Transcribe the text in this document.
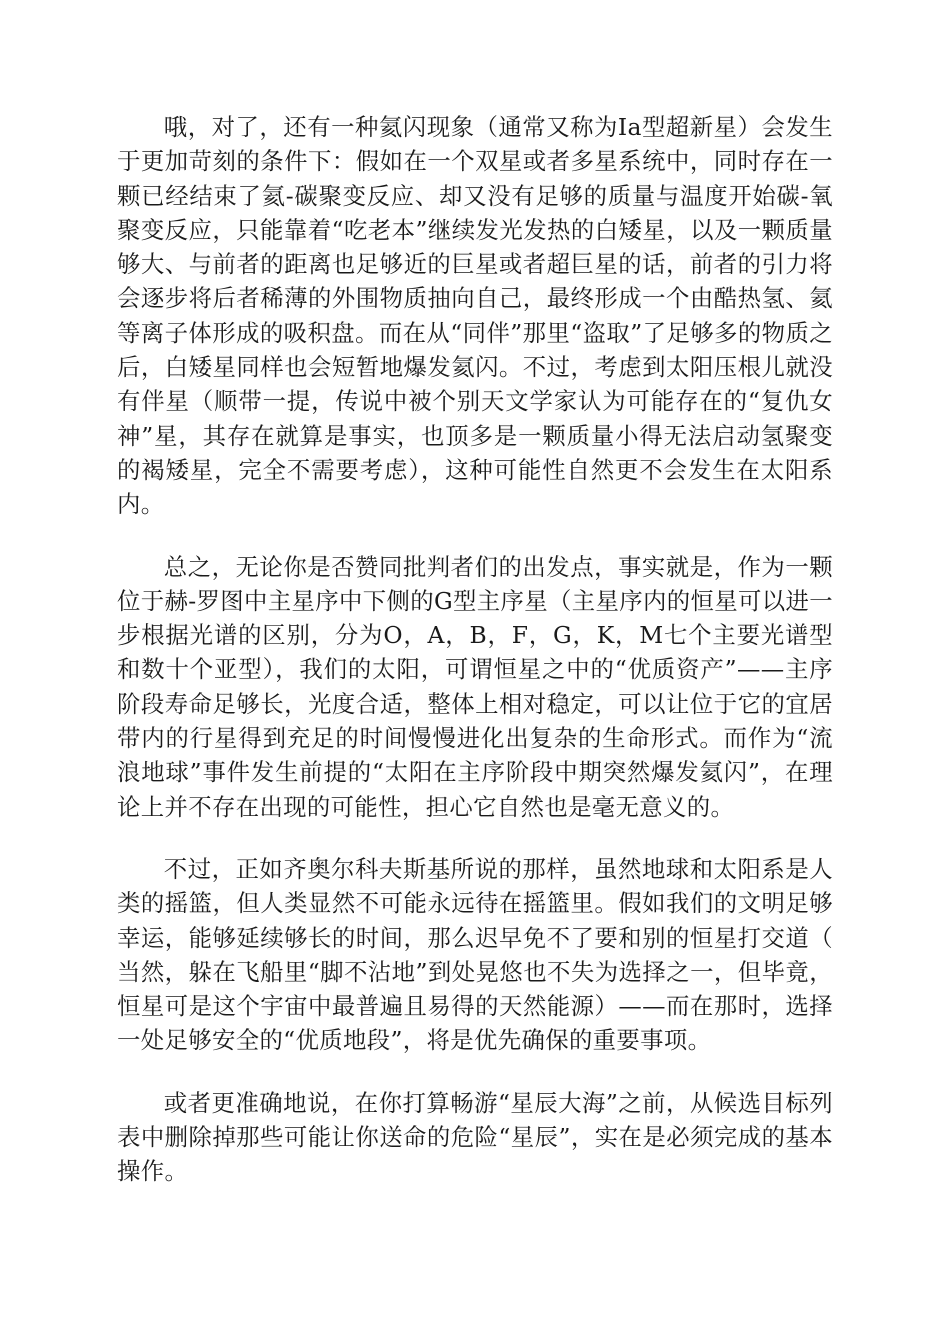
哦，对了，还有一种氦闪现象（通常又称为Ia型超新星）会发生于更加苛刻的条件下：假如在一个双星或者多星系统中，同时存在一颗已经结束了氦-碳聚变反应、却又没有足够的质量与温度开始碳-氧聚变反应，只能靠着“吃老本”继续发光发热的白矮星，以及一颗质量够大、与前者的距离也足够近的巨星或者超巨星的话，前者的引力将会逐步将后者稀薄的外围物质抽向自己，最终形成一个由酷热氢、氦等离子体形成的吸积盘。而在从“同伴”那里“盗取”了足够多的物质之后，白矮星同样也会短暂地爆发氦闪。不过，考虑到太阳压根儿就没有伴星（顺带一提，传说中被个别天文学家认为可能存在的“复仇女神”星，其存在就算是事实，也顶多是一颗质量小得无法启动氢聚变的褐矮星，完全不需要考虑），这种可能性自然更不会发生在太阳系内。

总之，无论你是否赞同批判者们的出发点，事实就是，作为一颗位于赫-罗图中主星序中下侧的G型主序星（主星序内的恒星可以进一步根据光谱的区别，分为O，A，B，F，G，K，M七个主要光谱型和数十个亚型），我们的太阳，可谓恒星之中的“优质资产”——主序阶段寿命足够长，光度合适，整体上相对稳定，可以让位于它的宜居带内的行星得到充足的时间慢慢进化出复杂的生命形式。而作为“流浪地球”事件发生前提的“太阳在主序阶段中期突然爆发氦闪”，在理论上并不存在出现的可能性，担心它自然也是毫无意义的。

不过，正如齐奥尔科夫斯基所说的那样，虽然地球和太阳系是人类的摇篮，但人类显然不可能永远待在摇篮里。假如我们的文明足够幸运，能够延续够长的时间，那么迟早免不了要和别的恒星打交道（当然，躲在飞船里“脚不沾地”到处晃悠也不失为选择之一，但毕竟，恒星可是这个宇宙中最普遍且易得的天然能源）——而在那时，选择一处足够安全的“优质地段”，将是优先确保的重要事项。

或者更准确地说，在你打算畅游“星辰大海”之前，从候选目标列表中删除掉那些可能让你送命的危险“星辰”，实在是必须完成的基本操作。
